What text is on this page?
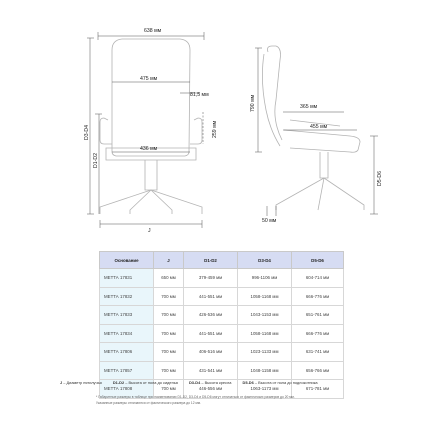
638 мм
475 мм
81,5 мм
436 мм
259 мм
D3-D4
D1-D2
J
790 мм	365 мм
455 мм
D5-D6
50 мм
Основание	J	D1-D2	D3-D4	D5-D6
МЕТТА 17831	650 мм	379-459 мм	996-1106 мм	604-714 мм
МЕТТА 17832	700 мм	441-551 мм	1058-1168 мм	666-776 мм
МЕТТА 17833	700 мм	426-536 мм	1043-1153 мм	651-761 мм
МЕТТА 17834	700 мм	441-551 мм	1058-1168 мм	666-776 мм
МЕТТА 17806	700 мм	406-516 мм	1023-1133 мм	631-741 мм
МЕТТА 17857	700 мм	431-541 мм	1048-1158 мм	656-766 мм
МЕТТА 17808	700 мм	446-556 мм	1063-1173 мм	671-781 мм
J – Диаметр пятилучья	D1-D2 – Высота от пола до сиденья	D3-D4 – Высота кресла	D5-D6 – Высота от пола до подлокотника
* Габаритные размеры в таблице при наименовании D1-D2, D3-D4 и D5-D6 могут отличаться от фактических размеров до 20 мм.
Указанные размеры отличаются от фактического размера до 12 мм.
